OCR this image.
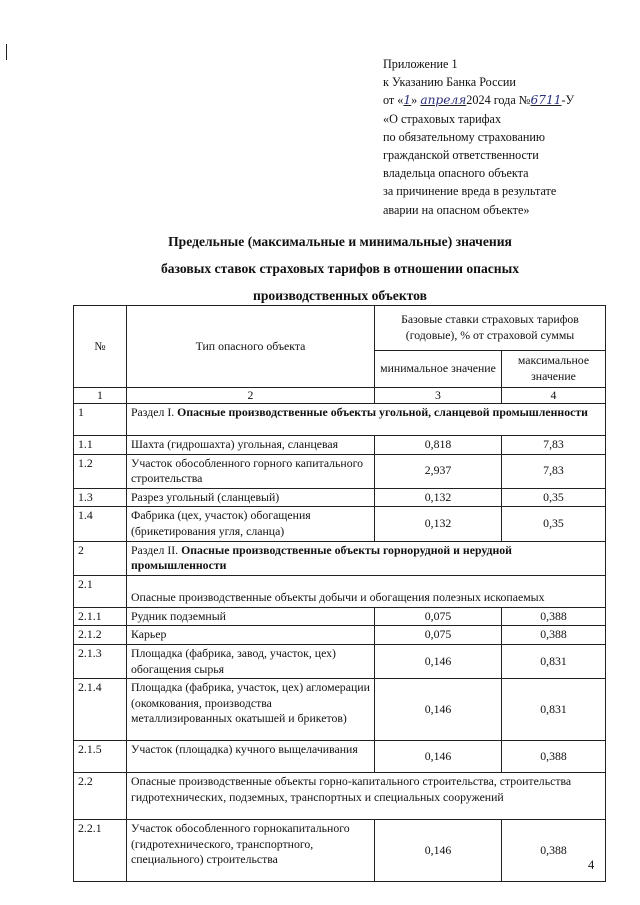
Приложение 1
к Указанию Банка России
от «1» апреля2024 года №6711-У
«О страховых тарифах
по обязательному страхованию
гражданской ответственности
владельца опасного объекта
за причинение вреда в результате
аварии на опасном объекте»
Предельные (максимальные и минимальные) значения
базовых ставок страховых тарифов в отношении опасных
производственных объектов
№	Тип опасного объекта	Базовые ставки страховых тарифов (годовые), % от страховой суммы	
		минимальное значение	максимальное значение
1	2	3	4
1	Раздел I. Опасные производственные объекты угольной, сланцевой промышленности		
1.1	Шахта (гидрошахта) угольная, сланцевая	0,818	7,83
1.2	Участок обособленного горного капитального строительства	2,937	7,83
1.3	Разрез угольный (сланцевый)	0,132	0,35
1.4	Фабрика (цех, участок) обогащения (брикетирования угля, сланца)	0,132	0,35
2	Раздел II. Опасные производственные объекты горнорудной и нерудной промышленности		
2.1	Опасные производственные объекты добычи и обогащения полезных ископаемых		
2.1.1	Рудник подземный	0,075	0,388
2.1.2	Карьер	0,075	0,388
2.1.3	Площадка (фабрика, завод, участок, цех) обогащения сырья	0,146	0,831
2.1.4	Площадка (фабрика, участок, цех) агломерации (окомкования, производства металлизированных окатышей и брикетов)	0,146	0,831
2.1.5	Участок (площадка) кучного выщелачивания	0,146	0,388
2.2	Опасные производственные объекты горно-капитального строительства, строительства гидротехнических, подземных, транспортных и специальных сооружений		
2.2.1	Участок обособленного горнокапитального (гидротехнического, транспортного, специального) строительства	0,146	0,388
4
